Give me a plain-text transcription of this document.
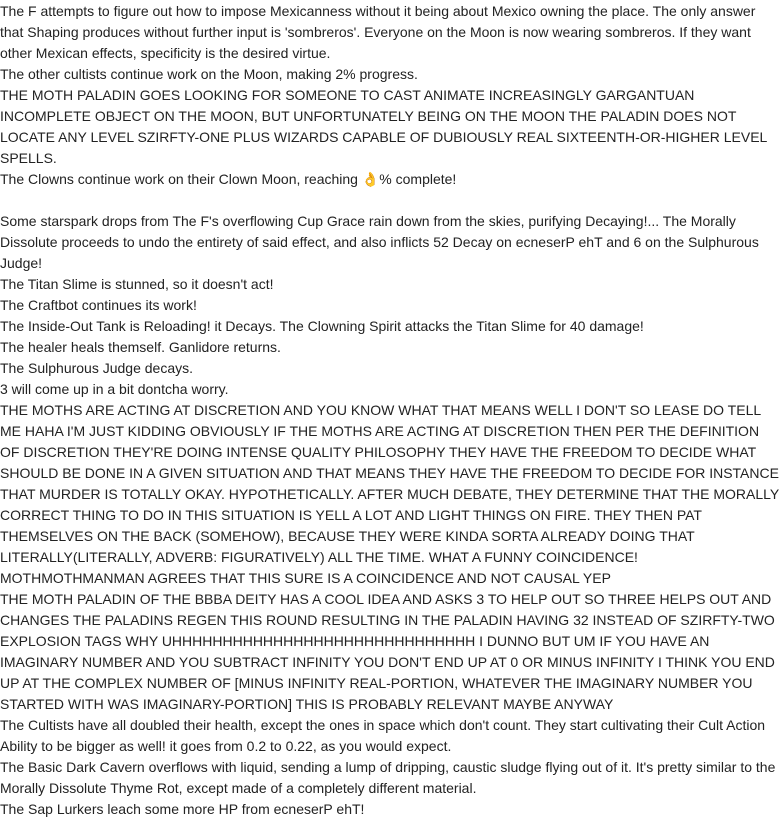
The F attempts to figure out how to impose Mexicanness without it being about Mexico owning the place. The only answer that Shaping produces without further input is 'sombreros'. Everyone on the Moon is now wearing sombreros. If they want other Mexican effects, specificity is the desired virtue.

The other cultists continue work on the Moon, making 2% progress.

THE MOTH PALADIN GOES LOOKING FOR SOMEONE TO CAST ANIMATE INCREASINGLY GARGANTUAN INCOMPLETE OBJECT ON THE MOON, BUT UNFORTUNATELY BEING ON THE MOON THE PALADIN DOES NOT LOCATE ANY LEVEL SZIRFTY-ONE PLUS WIZARDS CAPABLE OF DUBIOUSLY REAL SIXTEENTH-OR-HIGHER LEVEL SPELLS.

The Clowns continue work on their Clown Moon, reaching 👌% complete!

Some starspark drops from The F's overflowing Cup Grace rain down from the skies, purifying Decaying!... The Morally Dissolute proceeds to undo the entirety of said effect, and also inflicts 52 Decay on ecneserP ehT and 6 on the Sulphurous Judge!

The Titan Slime is stunned, so it doesn't act!

The Craftbot continues its work!

The Inside-Out Tank is Reloading! it Decays. The Clowning Spirit attacks the Titan Slime for 40 damage!

The healer heals themself. Ganlidore returns.

The Sulphurous Judge decays.

3 will come up in a bit dontcha worry.

THE MOTHS ARE ACTING AT DISCRETION AND YOU KNOW WHAT THAT MEANS WELL I DON'T SO LEASE DO TELL ME HAHA I'M JUST KIDDING OBVIOUSLY IF THE MOTHS ARE ACTING AT DISCRETION THEN PER THE DEFINITION OF DISCRETION THEY'RE DOING INTENSE QUALITY PHILOSOPHY THEY HAVE THE FREEDOM TO DECIDE WHAT SHOULD BE DONE IN A GIVEN SITUATION AND THAT MEANS THEY HAVE THE FREEDOM TO DECIDE FOR INSTANCE THAT MURDER IS TOTALLY OKAY. HYPOTHETICALLY. AFTER MUCH DEBATE, THEY DETERMINE THAT THE MORALLY CORRECT THING TO DO IN THIS SITUATION IS YELL A LOT AND LIGHT THINGS ON FIRE. THEY THEN PAT THEMSELVES ON THE BACK (SOMEHOW), BECAUSE THEY WERE KINDA SORTA ALREADY DOING THAT LITERALLY(LITERALLY, ADVERB: FIGURATIVELY) ALL THE TIME. WHAT A FUNNY COINCIDENCE!

MOTHMOTHMANMAN AGREES THAT THIS SURE IS A COINCIDENCE AND NOT CAUSAL YEP

THE MOTH PALADIN OF THE BBBA DEITY HAS A COOL IDEA AND ASKS 3 TO HELP OUT SO THREE HELPS OUT AND CHANGES THE PALADINS REGEN THIS ROUND RESULTING IN THE PALADIN HAVING 32 INSTEAD OF SZIRFTY-TWO EXPLOSION TAGS WHY UHHHHHHHHHHHHHHHHHHHHHHHHHHHHHH I DUNNO BUT UM IF YOU HAVE AN IMAGINARY NUMBER AND YOU SUBTRACT INFINITY YOU DON'T END UP AT 0 OR MINUS INFINITY I THINK YOU END UP AT THE COMPLEX NUMBER OF [MINUS INFINITY REAL-PORTION, WHATEVER THE IMAGINARY NUMBER YOU STARTED WITH WAS IMAGINARY-PORTION] THIS IS PROBABLY RELEVANT MAYBE ANYWAY

The Cultists have all doubled their health, except the ones in space which don't count. They start cultivating their Cult Action Ability to be bigger as well! it goes from 0.2 to 0.22, as you would expect.

The Basic Dark Cavern overflows with liquid, sending a lump of dripping, caustic sludge flying out of it. It's pretty similar to the Morally Dissolute Thyme Rot, except made of a completely different material.

The Sap Lurkers leach some more HP from ecneserP ehT!
